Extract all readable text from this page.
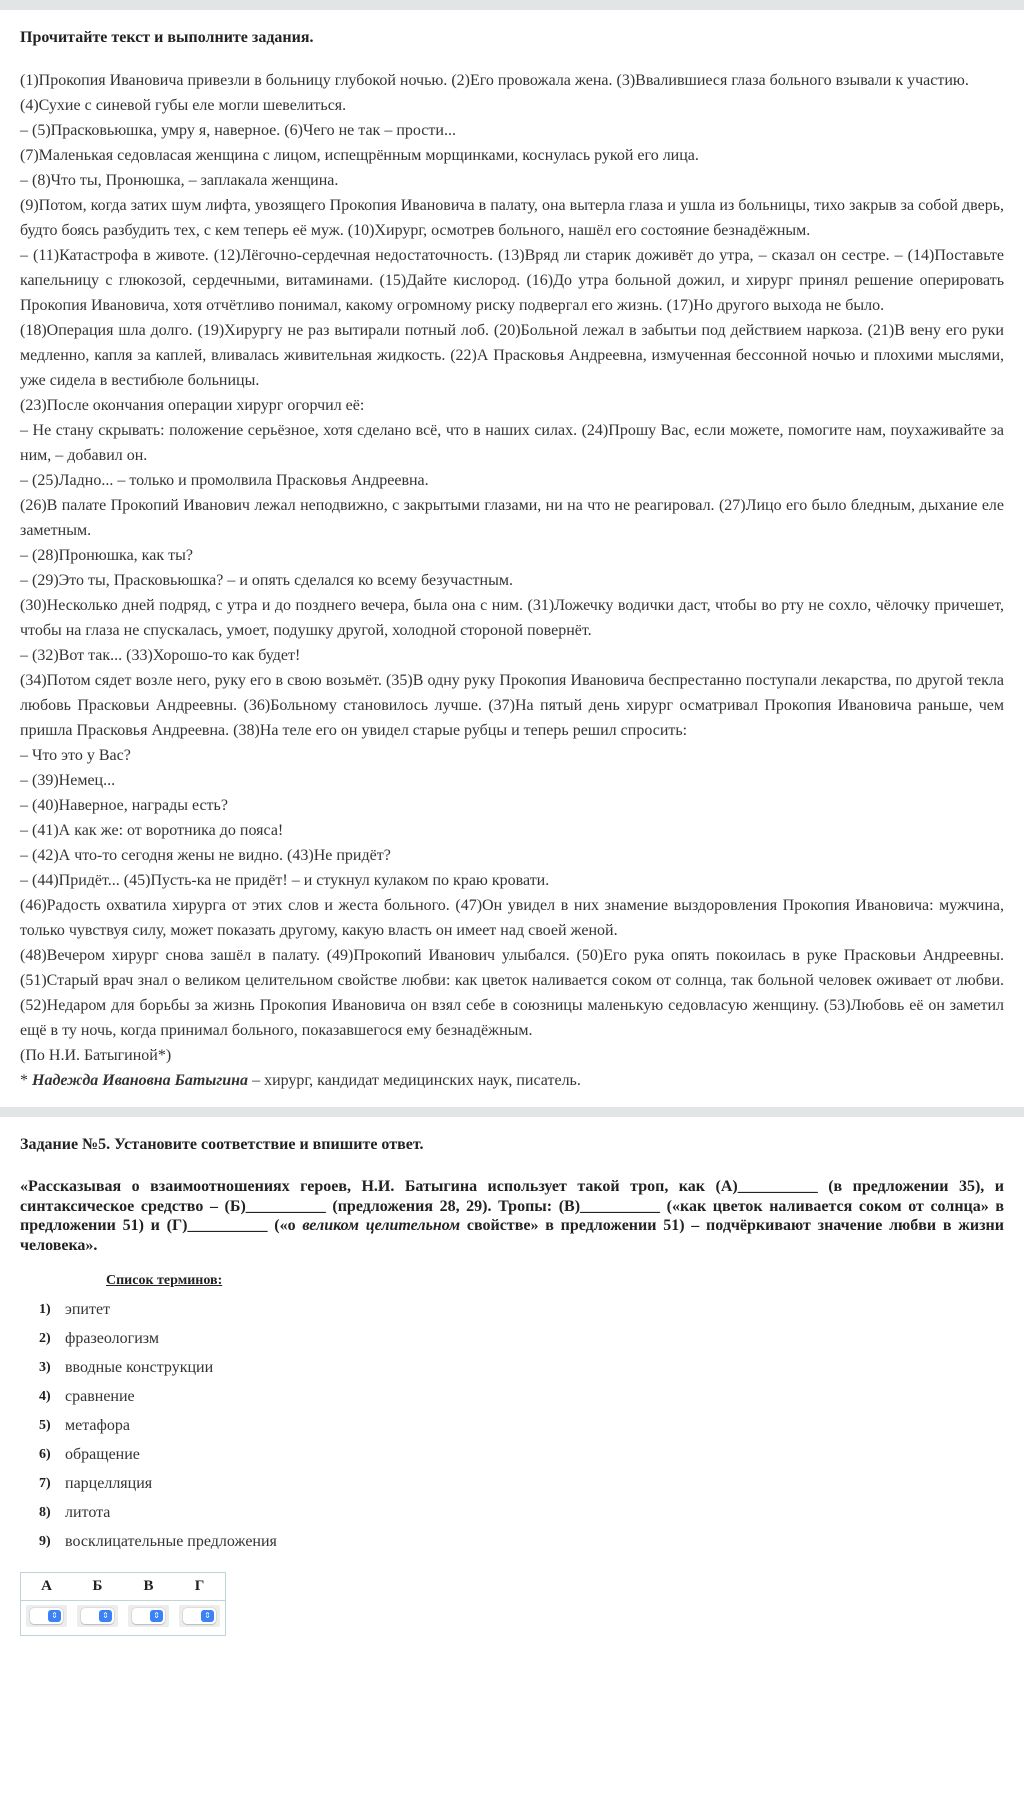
Прочитайте текст и выполните задания.

(1)Прокопия Ивановича привезли в больницу глубокой ночью. (2)Его провожала жена. (3)Ввалившиеся глаза больного взывали к участию.

(4)Сухие с синевой губы еле могли шевелиться.

– (5)Прасковьюшка, умру я, наверное. (6)Чего не так – прости...

(7)Маленькая седовласая женщина с лицом, испещрённым морщинками, коснулась рукой его лица.

– (8)Что ты, Пронюшка, – заплакала женщина.

(9)Потом, когда затих шум лифта, увозящего Прокопия Ивановича в палату, она вытерла глаза и ушла из больницы, тихо закрыв за собой дверь, будто боясь разбудить тех, с кем теперь её муж. (10)Хирург, осмотрев больного, нашёл его состояние безнадёжным.

– (11)Катастрофа в животе. (12)Лёгочно-сердечная недостаточность. (13)Вряд ли старик доживёт до утра, – сказал он сестре. – (14)Поставьте капельницу с глюкозой, сердечными, витаминами. (15)Дайте кислород. (16)До утра больной дожил, и хирург принял решение оперировать Прокопия Ивановича, хотя отчётливо понимал, какому огромному риску подвергал его жизнь. (17)Но другого выхода не было.

(18)Операция шла долго. (19)Хирургу не раз вытирали потный лоб. (20)Больной лежал в забытьи под действием наркоза. (21)В вену его руки медленно, капля за каплей, вливалась живительная жидкость. (22)А Прасковья Андреевна, измученная бессонной ночью и плохими мыслями, уже сидела в вестибюле больницы.

(23)После окончания операции хирург огорчил её:

– Не стану скрывать: положение серьёзное, хотя сделано всё, что в наших силах. (24)Прошу Вас, если можете, помогите нам, поухаживайте за ним, – добавил он.

– (25)Ладно... – только и промолвила Прасковья Андреевна.

(26)В палате Прокопий Иванович лежал неподвижно, с закрытыми глазами, ни на что не реагировал. (27)Лицо его было бледным, дыхание еле заметным.

– (28)Пронюшка, как ты?

– (29)Это ты, Прасковьюшка? – и опять сделался ко всему безучастным.

(30)Несколько дней подряд, с утра и до позднего вечера, была она с ним. (31)Ложечку водички даст, чтобы во рту не сохло, чёлочку причешет, чтобы на глаза не спускалась, умоет, подушку другой, холодной стороной повернёт.

– (32)Вот так... (33)Хорошо-то как будет!

(34)Потом сядет возле него, руку его в свою возьмёт. (35)В одну руку Прокопия Ивановича беспрестанно поступали лекарства, по другой текла любовь Прасковьи Андреевны. (36)Больному становилось лучше. (37)На пятый день хирург осматривал Прокопия Ивановича раньше, чем пришла Прасковья Андреевна. (38)На теле его он увидел старые рубцы и теперь решил спросить:

– Что это у Вас?

– (39)Немец...

– (40)Наверное, награды есть?

– (41)А как же: от воротника до пояса!

– (42)А что-то сегодня жены не видно. (43)Не придёт?

– (44)Придёт... (45)Пусть-ка не придёт! – и стукнул кулаком по краю кровати.

(46)Радость охватила хирурга от этих слов и жеста больного. (47)Он увидел в них знамение выздоровления Прокопия Ивановича: мужчина, только чувствуя силу, может показать другому, какую власть он имеет над своей женой.

(48)Вечером хирург снова зашёл в палату. (49)Прокопий Иванович улыбался. (50)Его рука опять покоилась в руке Прасковьи Андреевны. (51)Старый врач знал о великом целительном свойстве любви: как цветок наливается соком от солнца, так больной человек оживает от любви. (52)Недаром для борьбы за жизнь Прокопия Ивановича он взял себе в союзницы маленькую седовласую женщину. (53)Любовь её он заметил ещё в ту ночь, когда принимал больного, показавшегося ему безнадёжным.

(По Н.И. Батыгиной*)

* Надежда Ивановна Батыгина – хирург, кандидат медицинских наук, писатель.

Задание №5. Установите соответствие и впишите ответ.

«Рассказывая о взаимоотношениях героев, Н.И. Батыгина использует такой троп, как (А)__________ (в предложении 35), и синтаксическое средство – (Б)__________ (предложения 28, 29). Тропы: (В)__________ («как цветок наливается соком от солнца» в предложении 51) и (Г)__________ («о великом целительном свойстве» в предложении 51) – подчёркивают значение любви в жизни человека».

Список терминов:
1) эпитет
2) фразеологизм
3) вводные конструкции
4) сравнение
5) метафора
6) обращение
7) парцелляция
8) литота
9) восклицательные предложения
А	Б	В	Г

⇕	⇕	⇕	⇕
